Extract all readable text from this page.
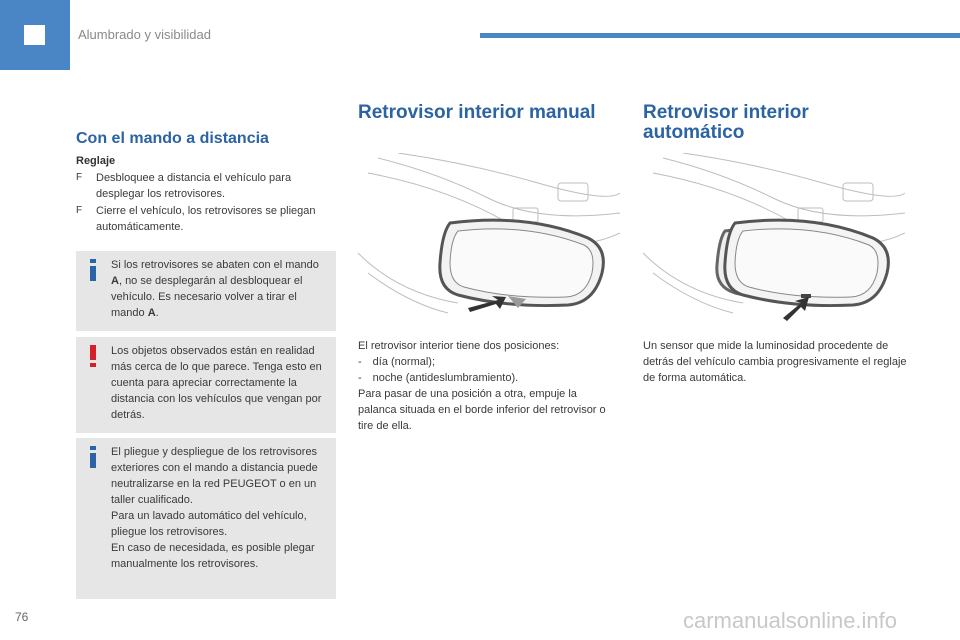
Alumbrado y visibilidad
Con el mando a distancia
Reglaje
F	Desbloquee a distancia el vehículo para desplegar los retrovisores.
F	Cierre el vehículo, los retrovisores se pliegan automáticamente.

Si los retrovisores se abaten con el mando A, no se desplegarán al desbloquear el vehículo. Es necesario volver a tirar el mando A.

Los objetos observados están en realidad más cerca de lo que parece. Tenga esto en cuenta para apreciar correctamente la distancia con los vehículos que vengan por detrás.

El pliegue y despliegue de los retrovisores exteriores con el mando a distancia puede neutralizarse en la red PEUGEOT o en un taller cualificado.

Para un lavado automático del vehículo, pliegue los retrovisores.

En caso de necesidada, es posible plegar manualmente los retrovisores.

Retrovisor interior manual

El retrovisor interior tiene dos posiciones:

- día (normal);

- noche (antideslumbramiento).

Para pasar de una posición a otra, empuje la palanca situada en el borde inferior del retrovisor o tire de ella.

Retrovisor interior automático

Un sensor que mide la luminosidad procedente de detrás del vehículo cambia progresivamente el reglaje de forma automática.

76	carmanualsonline.info
